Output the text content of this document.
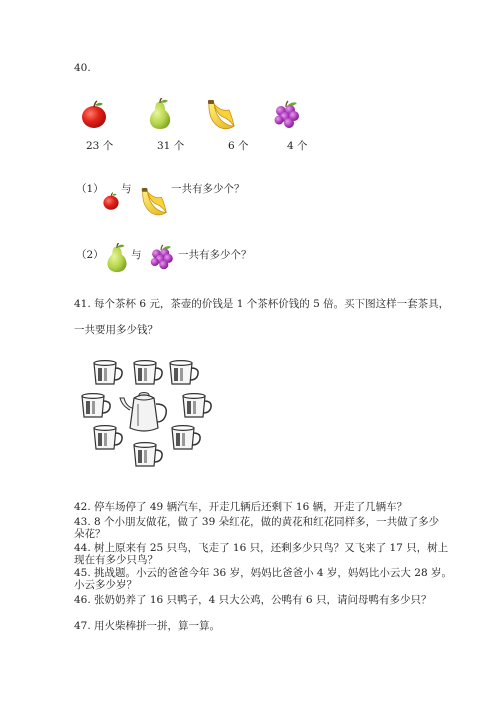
40.
23 个	31 个	6 个	4 个
（1） 与	一共有多少个？
（2）	与	一共有多少个？
41. 每个茶杯 6 元，茶壶的价钱是 1 个茶杯价钱的 5 倍。买下图这样一套茶具，
一共要用多少钱？
42. 停车场停了 49 辆汽车，开走几辆后还剩下 16 辆，开走了几辆车？
43. 8 个小朋友做花，做了 39 朵红花，做的黄花和红花同样多，一共做了多少
朵花？
44. 树上原来有 25 只鸟，飞走了 16 只，还剩多少只鸟？又飞来了 17 只，树上
现在有多少只鸟？
45. 挑战题。小云的爸爸今年 36 岁，妈妈比爸爸小 4 岁，妈妈比小云大 28 岁。
小云多少岁？
46. 张奶奶养了 16 只鸭子，4 只大公鸡，公鸭有 6 只，请问母鸭有多少只？
47. 用火柴棒拼一拼，算一算。
